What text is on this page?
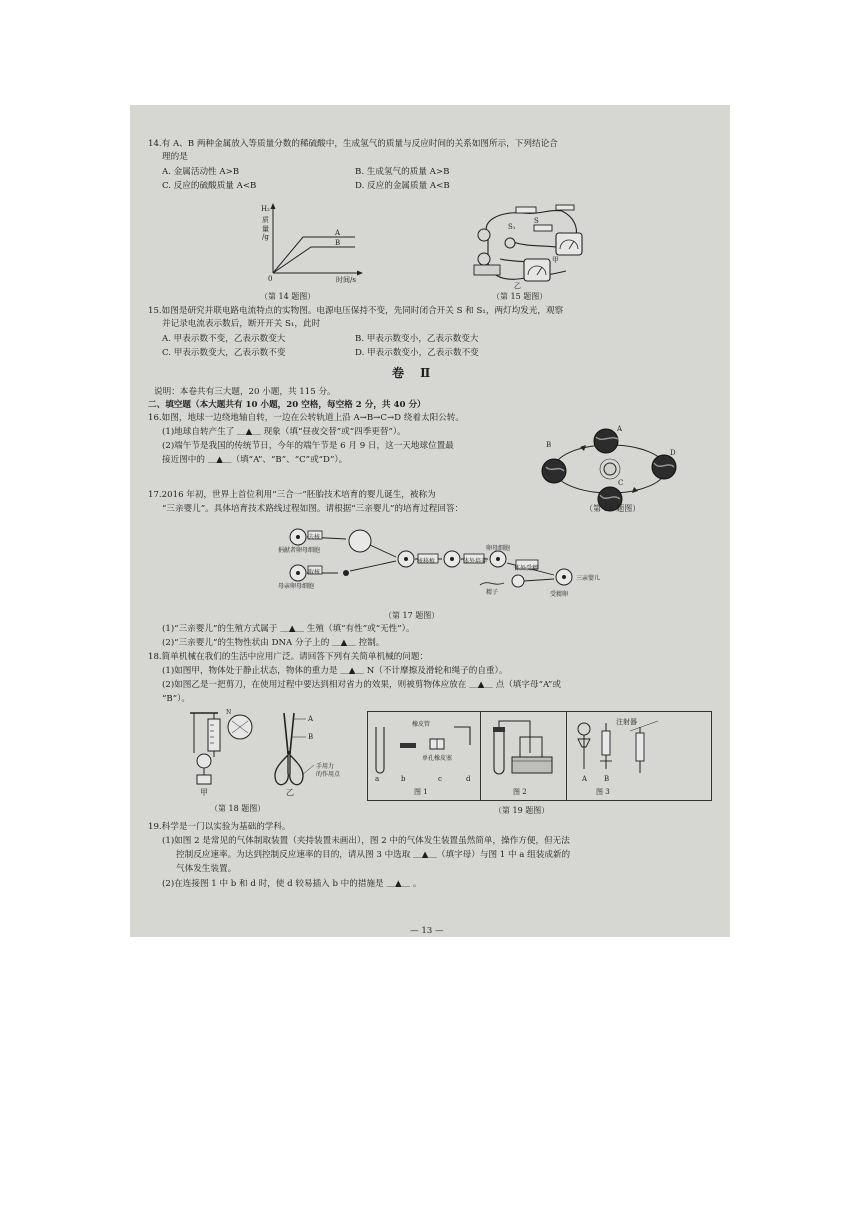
14.有 A、B 两种金属放入等质量分数的稀硫酸中，生成氢气的质量与反应时间的关系如图所示，下列结论合
理的是
A. 金属活动性 A>B	B. 生成氢气的质量 A>B
C. 反应的硫酸质量 A<B	D. 反应的金属质量 A<B
H₂
质
量
/g	A
B
0	时间/s
（第 14 题图）
S
S₁
甲
乙
（第 15 题图）
15.如图是研究并联电路电流特点的实物图。电源电压保持不变，先同时闭合开关 S 和 S₁，两灯均发光，观察
并记录电流表示数后，断开开关 S₁，此时
A. 甲表示数不变，乙表示数变大	B. 甲表示数变小，乙表示数变大
C. 甲表示数变大，乙表示数不变	D. 甲表示数变小，乙表示数不变
卷 Ⅱ
说明：本卷共有三大题，20 小题，共 115 分。
二、填空题（本大题共有 10 小题，20 空格，每空格 2 分，共 40 分）
16.如图，地球一边绕地轴自转，一边在公转轨道上沿 A→B→C→D 绕着太阳公转。
(1)地球自转产生了 ＿▲＿ 现象（填“昼夜交替”或“四季更替”）。
(2)端午节是我国的传统节日，今年的端午节是 6 月 9 日，这一天地球位置最
接近图中的 ＿▲＿（填“A”、“B”、“C”或“D”）。
A
B
C
D
（第 16 题图）
17.2016 年初，世界上首位利用“三合一”胚胎技术培育的婴儿诞生，被称为
“三亲婴儿”。具体培育技术路线过程如图。请根据“三亲婴儿”的培育过程回答：
去核
捐献者卵母细胞
取核
母亲卵母细胞
核移植	体外培养
卵母细胞
体外受精
精子	受精卵
三亲婴儿
（第 17 题图）
(1)“三亲婴儿”的生殖方式属于 ＿▲＿ 生殖（填“有性”或“无性”）。
(2)“三亲婴儿”的生物性状由 DNA 分子上的 ＿▲＿ 控制。
18.简单机械在我们的生活中应用广泛。请回答下列有关简单机械的问题：
(1)如图甲，物体处于静止状态，物体的重力是 ＿▲＿ N（不计摩擦及滑轮和绳子的自重）。
(2)如图乙是一把剪刀，在使用过程中要达到相对省力的效果，则被剪物体应放在 ＿▲＿ 点（填字母“A”或
“B”）。
N
A
B
手用力
的作用点
甲	乙
（第 18 题图）
橡皮管
单孔橡皮塞
a	b	c	d
图 1	图 2
注射器
A B
图 3
（第 19 题图）
19.科学是一门以实验为基础的学科。
(1)如图 2 是常见的气体制取装置（夹持装置未画出），图 2 中的气体发生装置虽然简单，操作方便，但无法
控制反应速率。为达到控制反应速率的目的，请从图 3 中选取 ＿▲＿（填字母）与图 1 中 a 组装成新的
气体发生装置。
(2)在连接图 1 中 b 和 d 时，使 d 较易插入 b 中的措施是 ＿▲＿ 。
— 13 —
